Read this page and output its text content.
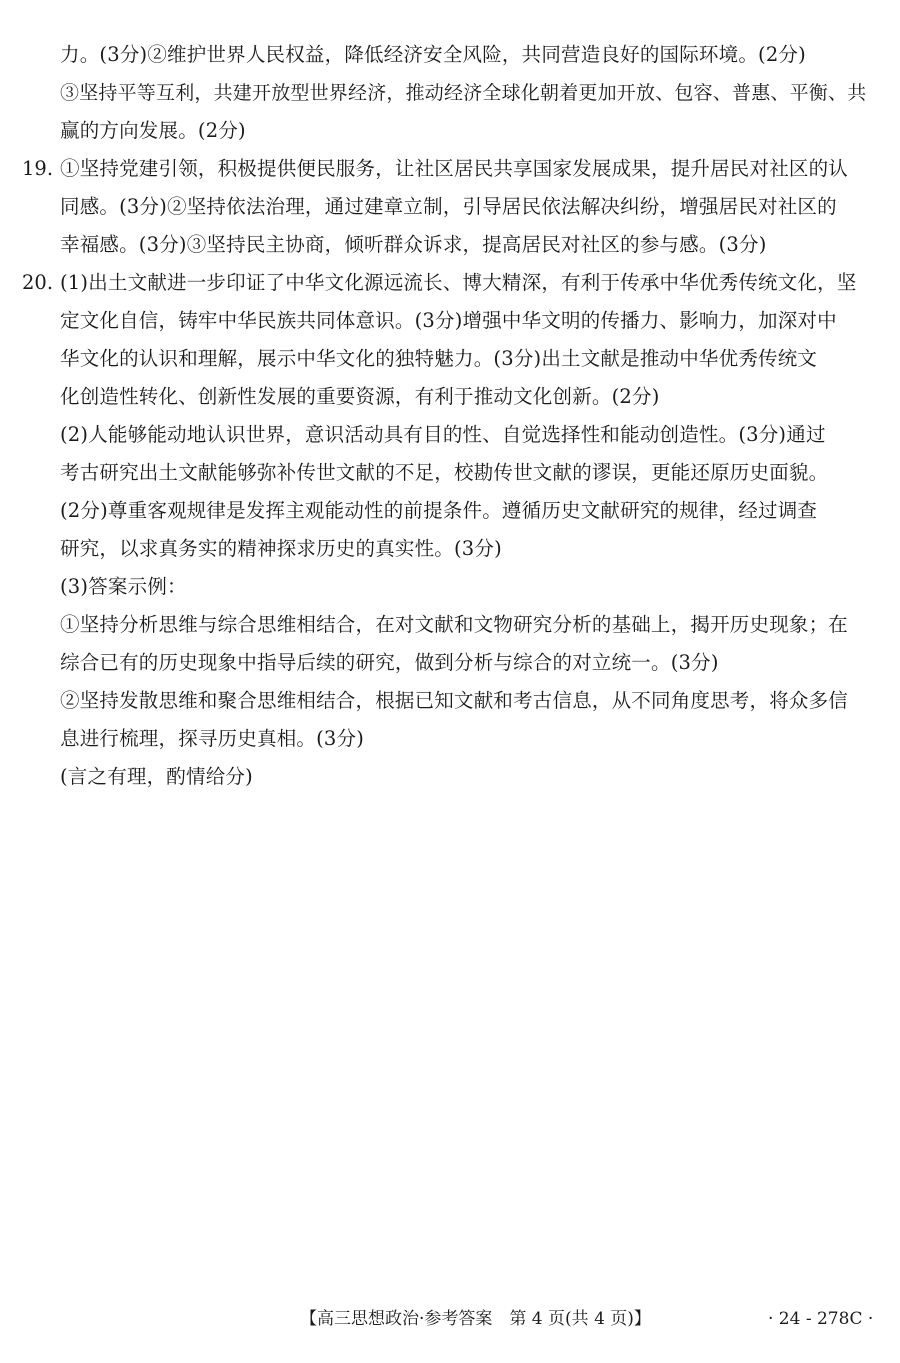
力。(3分)②维护世界人民权益，降低经济安全风险，共同营造良好的国际环境。(2分)
③坚持平等互利，共建开放型世界经济，推动经济全球化朝着更加开放、包容、普惠、平衡、共
赢的方向发展。(2分)
19. ①坚持党建引领，积极提供便民服务，让社区居民共享国家发展成果，提升居民对社区的认
同感。(3分)②坚持依法治理，通过建章立制，引导居民依法解决纠纷，增强居民对社区的
幸福感。(3分)③坚持民主协商，倾听群众诉求，提高居民对社区的参与感。(3分)
20. (1)出土文献进一步印证了中华文化源远流长、博大精深，有利于传承中华优秀传统文化，坚
定文化自信，铸牢中华民族共同体意识。(3分)增强中华文明的传播力、影响力，加深对中
华文化的认识和理解，展示中华文化的独特魅力。(3分)出土文献是推动中华优秀传统文
化创造性转化、创新性发展的重要资源，有利于推动文化创新。(2分)
(2)人能够能动地认识世界，意识活动具有目的性、自觉选择性和能动创造性。(3分)通过
考古研究出土文献能够弥补传世文献的不足，校勘传世文献的谬误，更能还原历史面貌。
(2分)尊重客观规律是发挥主观能动性的前提条件。遵循历史文献研究的规律，经过调查
研究，以求真务实的精神探求历史的真实性。(3分)
(3)答案示例：
①坚持分析思维与综合思维相结合，在对文献和文物研究分析的基础上，揭开历史现象；在
综合已有的历史现象中指导后续的研究，做到分析与综合的对立统一。(3分)
②坚持发散思维和聚合思维相结合，根据已知文献和考古信息，从不同角度思考，将众多信
息进行梳理，探寻历史真相。(3分)
(言之有理，酌情给分)
【高三思想政治·参考答案　第 4 页(共 4 页)】	· 24 - 278C ·
